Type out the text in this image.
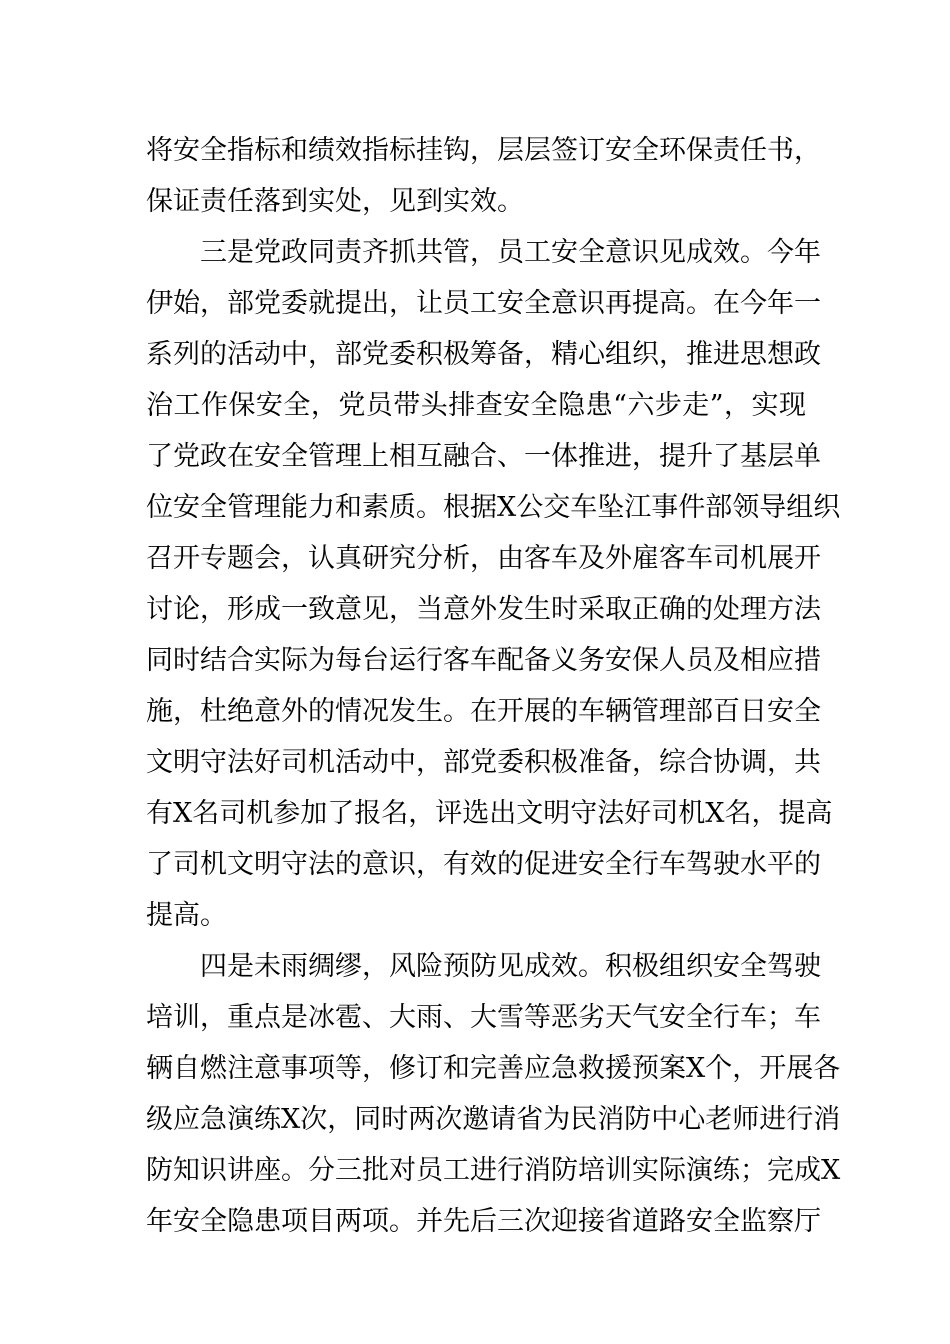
将安全指标和绩效指标挂钩，层层签订安全环保责任书，
保证责任落到实处，见到实效。
三是党政同责齐抓共管，员工安全意识见成效。今年
伊始，部党委就提出，让员工安全意识再提高。在今年一
系列的活动中，部党委积极筹备，精心组织，推进思想政
治工作保安全，党员带头排查安全隐患“六步走”，实现
了党政在安全管理上相互融合、一体推进，提升了基层单
位安全管理能力和素质。根据X公交车坠江事件部领导组织
召开专题会，认真研究分析，由客车及外雇客车司机展开
讨论，形成一致意见，当意外发生时采取正确的处理方法
同时结合实际为每台运行客车配备义务安保人员及相应措
施，杜绝意外的情况发生。在开展的车辆管理部百日安全
文明守法好司机活动中，部党委积极准备，综合协调，共
有X名司机参加了报名，评选出文明守法好司机X名，提高
了司机文明守法的意识，有效的促进安全行车驾驶水平的
提高。
四是未雨绸缪，风险预防见成效。积极组织安全驾驶
培训，重点是冰雹、大雨、大雪等恶劣天气安全行车；车
辆自燃注意事项等，修订和完善应急救援预案X个，开展各
级应急演练X次，同时两次邀请省为民消防中心老师进行消
防知识讲座。分三批对员工进行消防培训实际演练；完成X
年安全隐患项目两项。并先后三次迎接省道路安全监察厅
